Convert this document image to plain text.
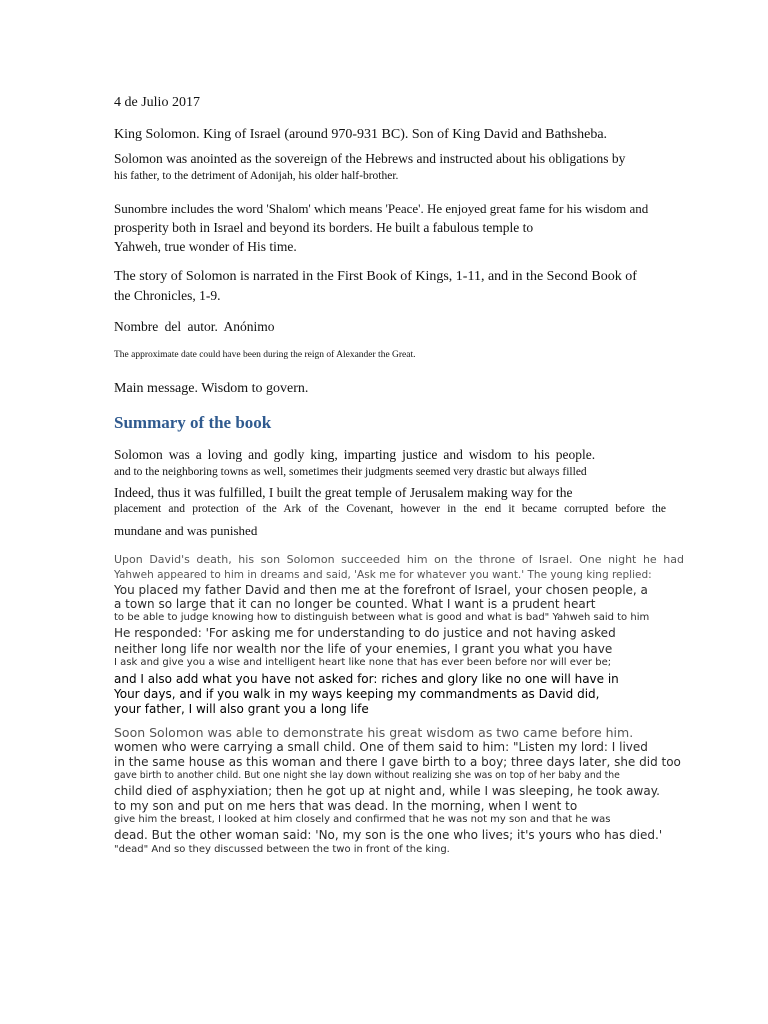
4 de Julio 2017
King Solomon. King of Israel (around 970-931 BC). Son of King David and Bathsheba.
Solomon was anointed as the sovereign of the Hebrews and instructed about his obligations by
his father, to the detriment of Adonijah, his older half-brother.
Sunombre includes the word 'Shalom' which means 'Peace'. He enjoyed great fame for his wisdom and
prosperity both in Israel and beyond its borders. He built a fabulous temple to
Yahweh, true wonder of His time.
The story of Solomon is narrated in the First Book of Kings, 1-11, and in the Second Book of
the Chronicles, 1-9.
Nombre del autor. Anónimo
The approximate date could have been during the reign of Alexander the Great.
Main message. Wisdom to govern.
Summary of the book
Solomon was a loving and godly king, imparting justice and wisdom to his people.
and to the neighboring towns as well, sometimes their judgments seemed very drastic but always filled
Indeed, thus it was fulfilled, I built the great temple of Jerusalem making way for the
placement and protection of the Ark of the Covenant, however in the end it became corrupted before the
mundane and was punished
Upon David's death, his son Solomon succeeded him on the throne of Israel. One night he had
Yahweh appeared to him in dreams and said, 'Ask me for whatever you want.' The young king replied:
You placed my father David and then me at the forefront of Israel, your chosen people, a
a town so large that it can no longer be counted. What I want is a prudent heart
to be able to judge knowing how to distinguish between what is good and what is bad" Yahweh said to him
He responded: 'For asking me for understanding to do justice and not having asked
neither long life nor wealth nor the life of your enemies, I grant you what you have
I ask and give you a wise and intelligent heart like none that has ever been before nor will ever be;
and I also add what you have not asked for: riches and glory like no one will have in
Your days, and if you walk in my ways keeping my commandments as David did,
your father, I will also grant you a long life
Soon Solomon was able to demonstrate his great wisdom as two came before him.
women who were carrying a small child. One of them said to him: "Listen my lord: I lived
in the same house as this woman and there I gave birth to a boy; three days later, she did too
gave birth to another child. But one night she lay down without realizing she was on top of her baby and the
child died of asphyxiation; then he got up at night and, while I was sleeping, he took away.
to my son and put on me hers that was dead. In the morning, when I went to
give him the breast, I looked at him closely and confirmed that he was not my son and that he was
dead. But the other woman said: 'No, my son is the one who lives; it's yours who has died.'
"dead" And so they discussed between the two in front of the king.
